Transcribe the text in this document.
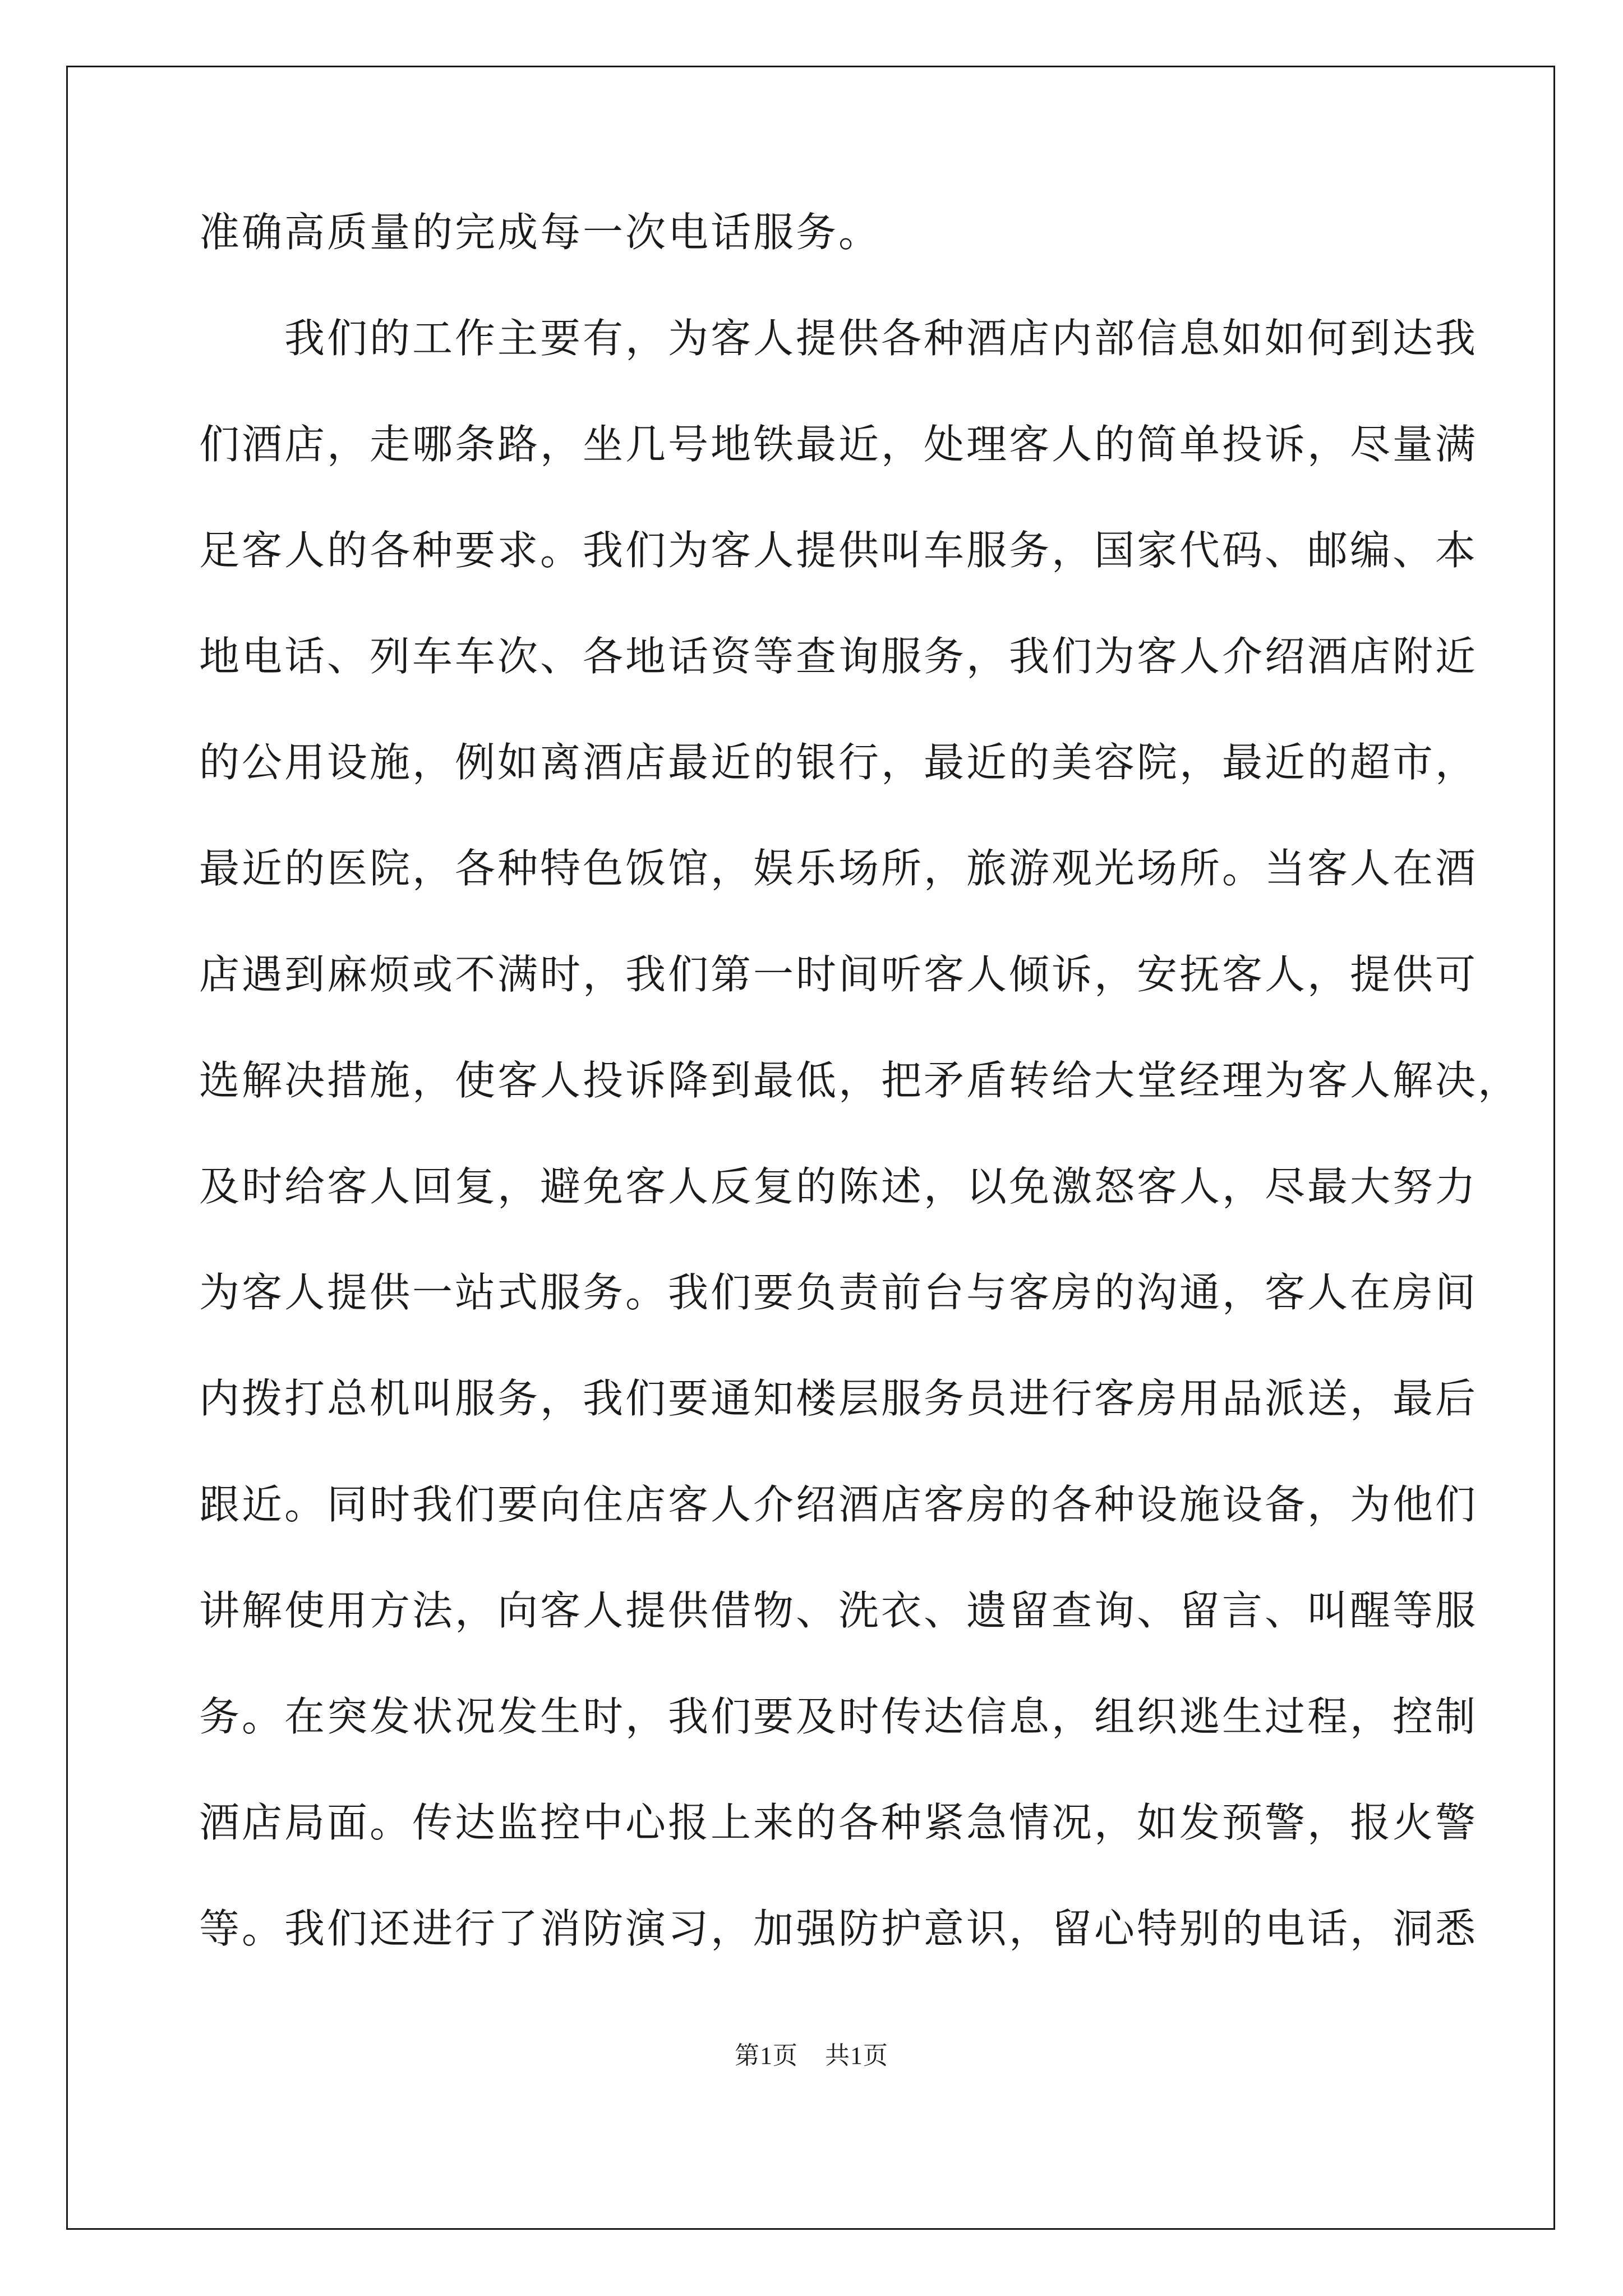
准确高质量的完成每一次电话服务。
　　我们的工作主要有，为客人提供各种酒店内部信息如如何到达我
们酒店，走哪条路，坐几号地铁最近，处理客人的简单投诉，尽量满
足客人的各种要求。我们为客人提供叫车服务，国家代码、邮编、本
地电话、列车车次、各地话资等查询服务，我们为客人介绍酒店附近
的公用设施，例如离酒店最近的银行，最近的美容院，最近的超市，
最近的医院，各种特色饭馆，娱乐场所，旅游观光场所。当客人在酒
店遇到麻烦或不满时，我们第一时间听客人倾诉，安抚客人，提供可
选解决措施，使客人投诉降到最低，把矛盾转给大堂经理为客人解决，
及时给客人回复，避免客人反复的陈述，以免激怒客人，尽最大努力
为客人提供一站式服务。我们要负责前台与客房的沟通，客人在房间
内拨打总机叫服务，我们要通知楼层服务员进行客房用品派送，最后
跟近。同时我们要向住店客人介绍酒店客房的各种设施设备，为他们
讲解使用方法，向客人提供借物、洗衣、遗留查询、留言、叫醒等服
务。在突发状况发生时，我们要及时传达信息，组织逃生过程，控制
酒店局面。传达监控中心报上来的各种紧急情况，如发预警，报火警
等。我们还进行了消防演习，加强防护意识，留心特别的电话，洞悉
第1页 共1页
